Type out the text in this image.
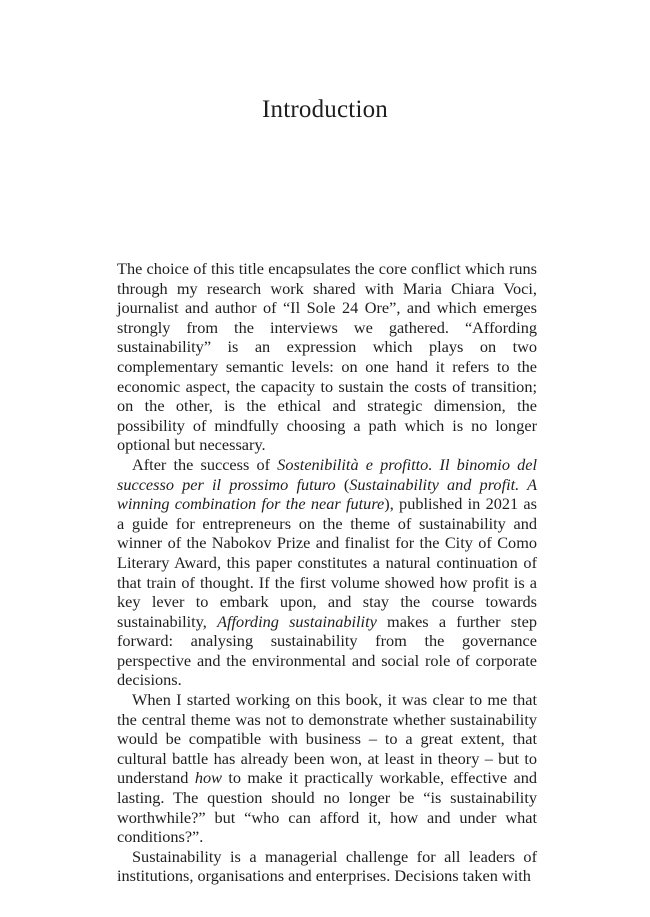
Introduction

The choice of this title encapsulates the core conflict which runs through my research work shared with Maria Chiara Voci, journalist and author of “Il Sole 24 Ore”, and which emerges strongly from the interviews we gathered. “Affording sustainability” is an expression which plays on two complementary semantic levels: on one hand it refers to the economic aspect, the capacity to sustain the costs of transition; on the other, is the ethical and strategic dimension, the possibility of mindfully choosing a path which is no longer optional but necessary.

After the success of Sostenibilità e profitto. Il binomio del successo per il prossimo futuro (Sustainability and profit. A winning combination for the near future), published in 2021 as a guide for entrepreneurs on the theme of sustainability and winner of the Nabokov Prize and finalist for the City of Como Literary Award, this paper constitutes a natural continuation of that train of thought. If the first volume showed how profit is a key lever to embark upon, and stay the course towards sustainability, Affording sustainability makes a further step forward: analysing sustainability from the governance perspective and the environmental and social role of corporate decisions.

When I started working on this book, it was clear to me that the central theme was not to demonstrate whether sustainability would be compatible with business – to a great extent, that cultural battle has already been won, at least in theory – but to understand how to make it practically workable, effective and lasting. The question should no longer be “is sustainability worthwhile?” but “who can afford it, how and under what conditions?”.

Sustainability is a managerial challenge for all leaders of institutions, organisations and enterprises. Decisions taken with
